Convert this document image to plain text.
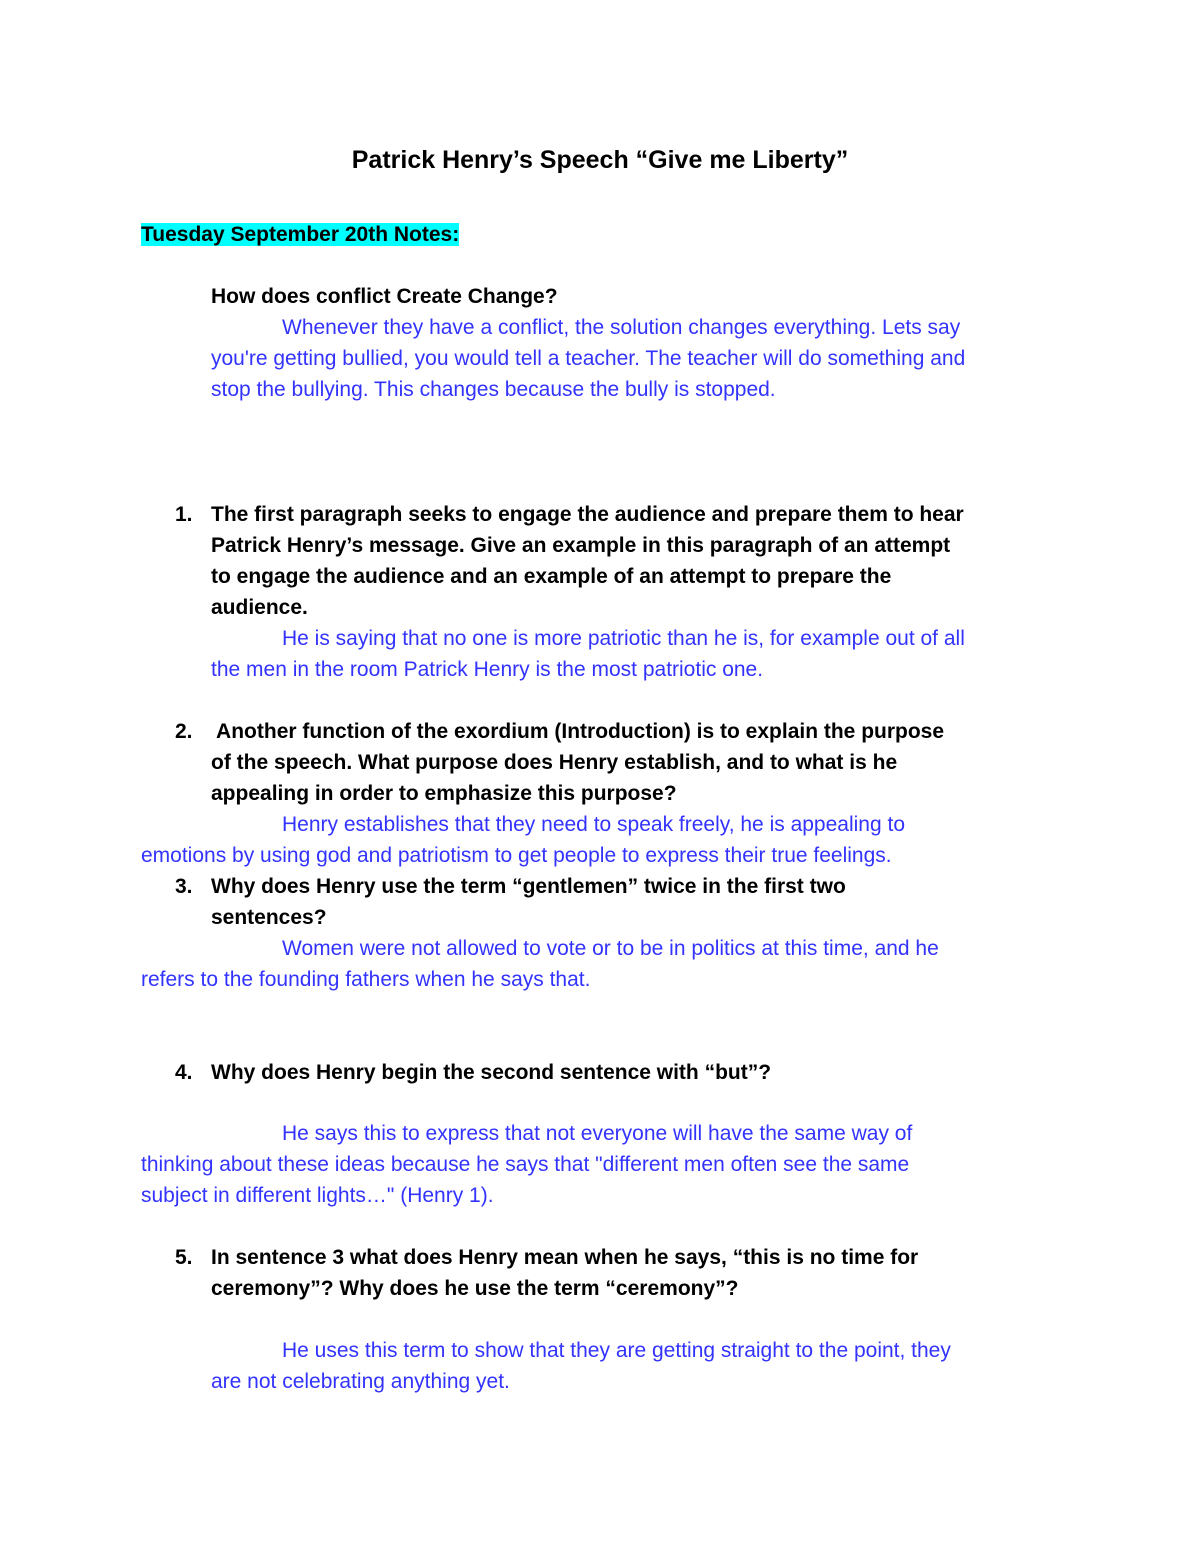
Patrick Henry’s Speech “Give me Liberty”
Tuesday September 20th Notes:
How does conflict Create Change?
Whenever they have a conflict, the solution changes everything. Lets say
you're getting bullied, you would tell a teacher. The teacher will do something and
stop the bullying. This changes because the bully is stopped.
1. The first paragraph seeks to engage the audience and prepare them to hear
Patrick Henry’s message. Give an example in this paragraph of an attempt
to engage the audience and an example of an attempt to prepare the
audience.
He is saying that no one is more patriotic than he is, for example out of all
the men in the room Patrick Henry is the most patriotic one.
2. Another function of the exordium (Introduction) is to explain the purpose
of the speech. What purpose does Henry establish, and to what is he
appealing in order to emphasize this purpose?
Henry establishes that they need to speak freely, he is appealing to
emotions by using god and patriotism to get people to express their true feelings.
3. Why does Henry use the term “gentlemen” twice in the first two
sentences?
Women were not allowed to vote or to be in politics at this time, and he
refers to the founding fathers when he says that.
4. Why does Henry begin the second sentence with “but”?
He says this to express that not everyone will have the same way of
thinking about these ideas because he says that "different men often see the same
subject in different lights…" (Henry 1).
5. In sentence 3 what does Henry mean when he says, “this is no time for
ceremony”? Why does he use the term “ceremony”?
He uses this term to show that they are getting straight to the point, they
are not celebrating anything yet.
